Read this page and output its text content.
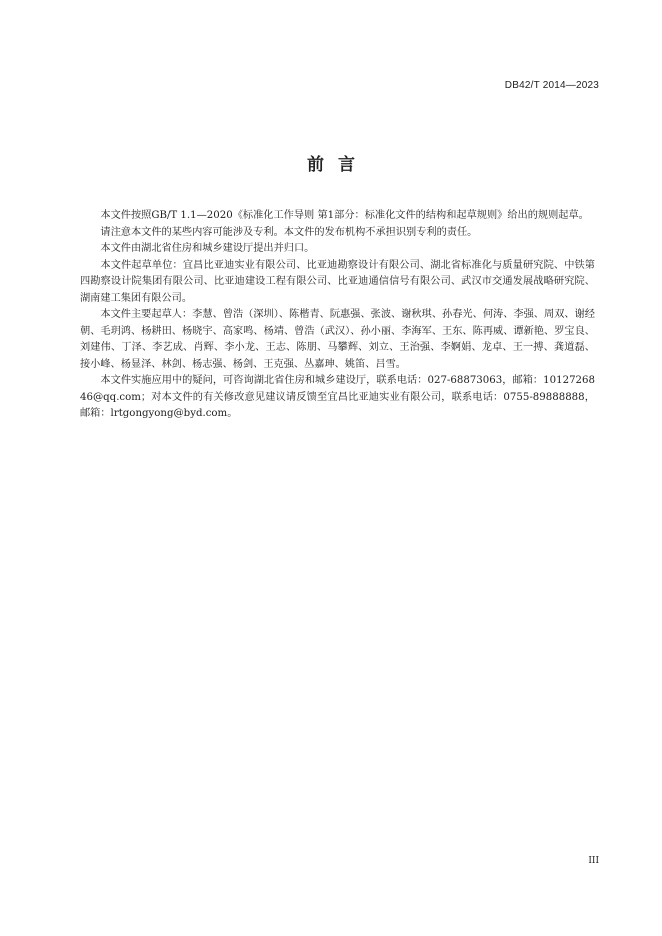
DB42/T 2014—2023
前言

本文件按照GB/T 1.1—2020《标准化工作导则 第1部分：标准化文件的结构和起草规则》给出的规则起草。

请注意本文件的某些内容可能涉及专利。本文件的发布机构不承担识别专利的责任。

本文件由湖北省住房和城乡建设厅提出并归口。

本文件起草单位：宜昌比亚迪实业有限公司、比亚迪勘察设计有限公司、湖北省标准化与质量研究院、中铁第四勘察设计院集团有限公司、比亚迪建设工程有限公司、比亚迪通信信号有限公司、武汉市交通发展战略研究院、湖南建工集团有限公司。

本文件主要起草人：李慧、曾浩（深圳）、陈楷青、阮惠强、张波、谢秋琪、孙春光、何涛、李强、周双、谢经朝、毛玥鸿、杨耕田、杨晓宇、高家鸣、杨靖、曾浩（武汉）、孙小丽、李海军、王东、陈再威、谭新艳、罗宝良、刘建伟、丁泽、李艺成、肖辉、李小龙、王志、陈朋、马攀辉、刘立、王治强、李婀娟、龙卓、王一搏、龚道磊、接小峰、杨显泽、林剑、杨志强、杨剑、王克强、丛嘉珅、姚笛、吕雪。

本文件实施应用中的疑问，可咨询湖北省住房和城乡建设厅，联系电话：027-68873063，邮箱：1012726846@qq.com；对本文件的有关修改意见建议请反馈至宜昌比亚迪实业有限公司，联系电话：0755-89888888，邮箱：lrtgongyong@byd.com。

III
